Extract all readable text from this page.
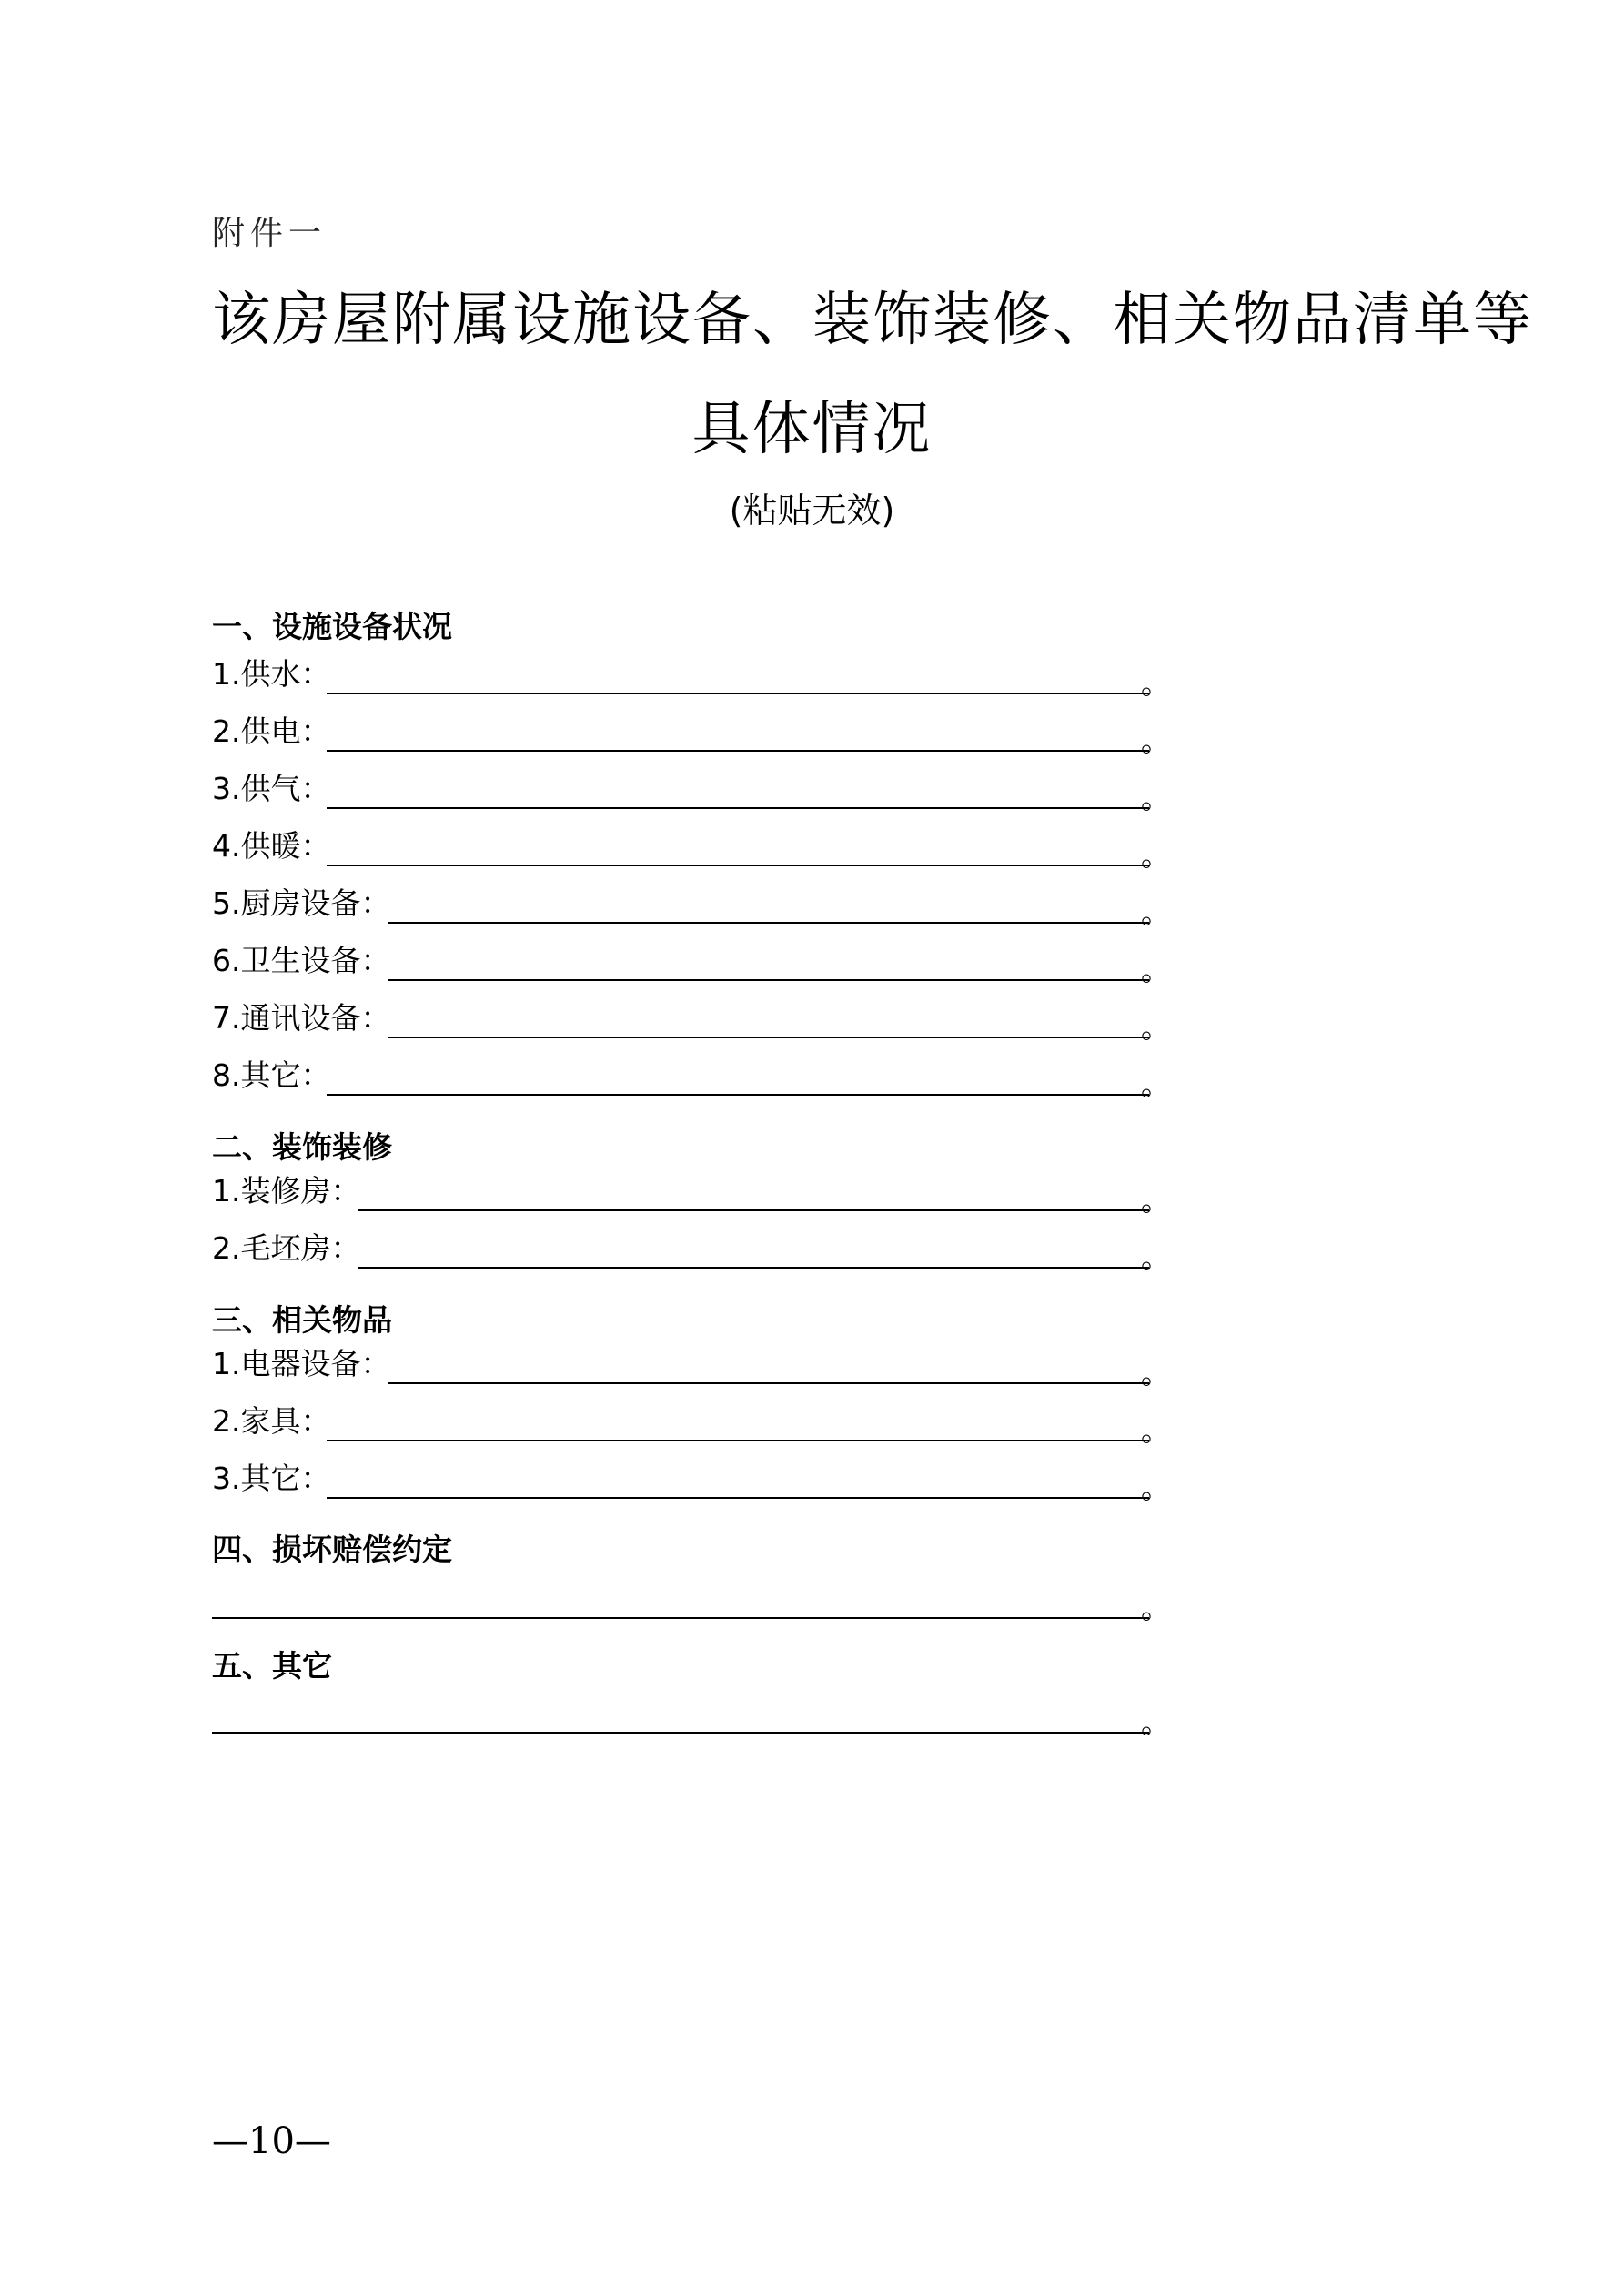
附件一
该房屋附属设施设备、装饰装修、相关物品清单等
具体情况
(粘贴无效)
一、设施设备状况
1.供水：	。
2.供电：	。
3.供气：	。
4.供暖：	。
5.厨房设备：	。
6.卫生设备：	。
7.通讯设备：	。
8.其它：	。
二、装饰装修
1.装修房：	。
2.毛坯房：	。
三、相关物品
1.电器设备：	。
2.家具：	。
3.其它：	。
四、损坏赔偿约定
。
五、其它
。
—10—
